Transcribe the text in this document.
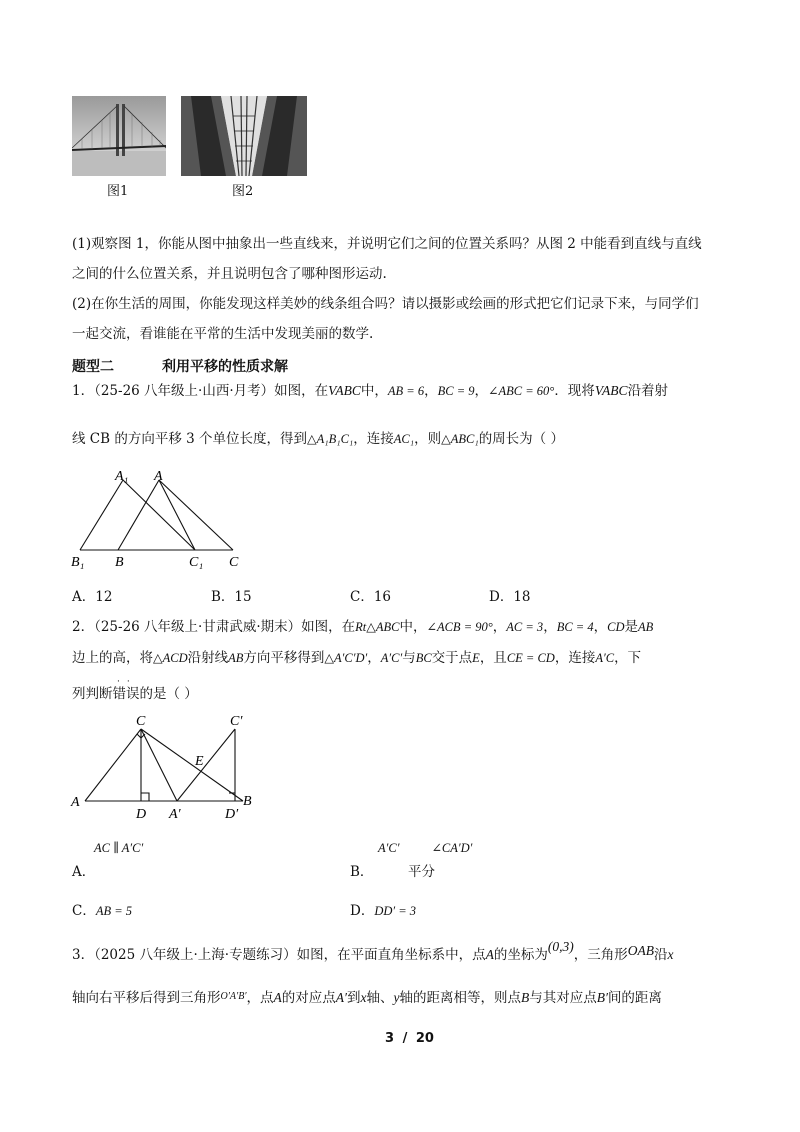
图1	图2
(1)观察图 1，你能从图中抽象出一些直线来，并说明它们之间的位置关系吗？从图 2 中能看到直线与直线
之间的什么位置关系，并且说明包含了哪种图形运动.
(2)在你生活的周围，你能发现这样美妙的线条组合吗？请以摄影或绘画的形式把它们记录下来，与同学们
一起交流，看谁能在平常的生活中发现美丽的数学.
题型二	利用平移的性质求解
1．（25-26 八年级上·山西·月考）如图，在VABC中，AB = 6，BC = 9，∠ABC = 60°．现将VABC沿着射
线 CB 的方向平移 3 个单位长度，得到△A₁B₁C₁，连接AC₁，则△ABC₁的周长为（ ）
A₁ A
B₁ B	C₁ C
A．12	B．15	C．16	D．18
2．（25-26 八年级上·甘肃武威·期末）如图，在Rt△ABC中，∠ACB = 90°，AC = 3，BC = 4，CD是AB
边上的高，将△ACD沿射线AB方向平移得到△A′C′D′，A′C′与BC交于点E，且CE = CD，连接A′C，下
列判断错误的是（ ）
··
C	C′
E
A
D A′	D′
B
AC ∥ A′C′
A．
A′C′	∠CA′D′
B．	平分
C．AB = 5	D．DD′ = 3
3．（2025 八年级上·上海·专题练习）如图，在平面直角坐标系中，点A的坐标为(0,3)，三角形OAB沿x
轴向右平移后得到三角形$^{O'A'B'}$，点A的对应点A′到x轴、y轴的距离相等，则点B与其对应点B′间的距离
3 / 20
